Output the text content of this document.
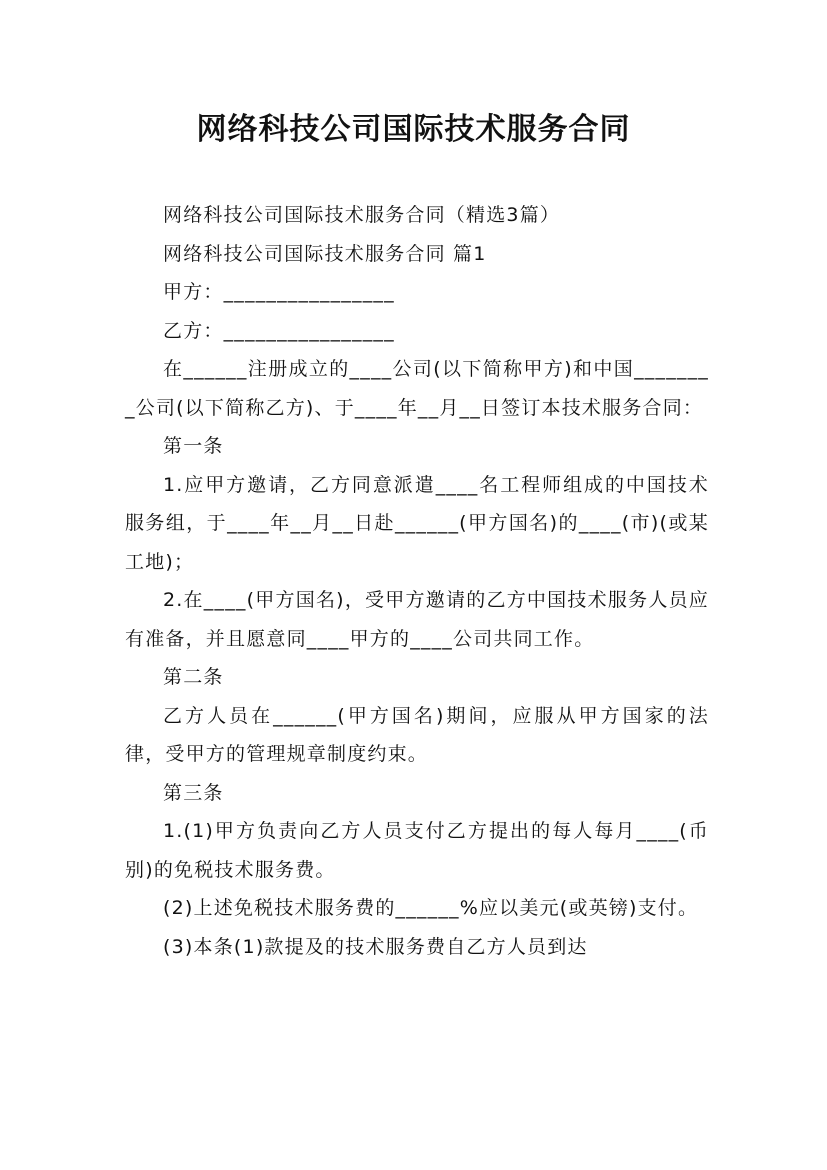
网络科技公司国际技术服务合同

网络科技公司国际技术服务合同（精选3篇）

网络科技公司国际技术服务合同 篇1

甲方：________________

乙方：________________

在______注册成立的____公司(以下简称甲方)和中国________公司(以下简称乙方)、于____年__月__日签订本技术服务合同：

第一条

1.应甲方邀请，乙方同意派遣____名工程师组成的中国技术服务组，于____年__月__日赴______(甲方国名)的____(市)(或某工地)；

2.在____(甲方国名)，受甲方邀请的乙方中国技术服务人员应有准备，并且愿意同____甲方的____公司共同工作。

第二条

乙方人员在______(甲方国名)期间，应服从甲方国家的法律，受甲方的管理规章制度约束。

第三条

1.(1)甲方负责向乙方人员支付乙方提出的每人每月____(币别)的免税技术服务费。

(2)上述免税技术服务费的______%应以美元(或英镑)支付。

(3)本条(1)款提及的技术服务费自乙方人员到达
